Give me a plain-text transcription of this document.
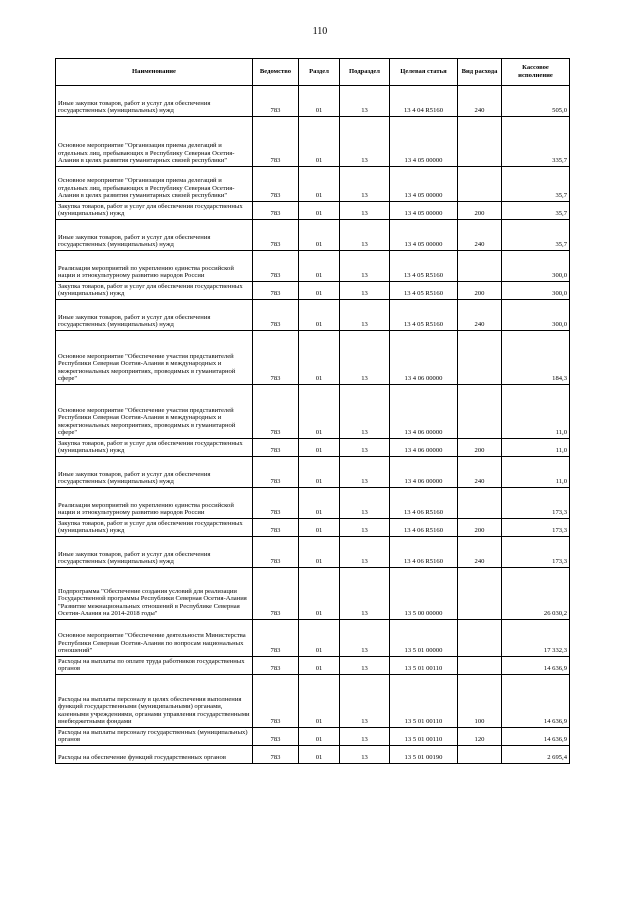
110
Наименование	Ведомство	Раздел	Подраздел	Целевая статья	Вид расхода	Кассовое исполнение
Иные закупки товаров, работ и услуг для обеспечения государственных (муниципальных) нужд	783	01	13	13 4 04 R5160	240	505,0
Основное мероприятие "Организация приема делегаций и отдельных лиц, пребывающих в Республику Северная Осетия-Алания в целях развития гуманитарных связей республики"	783	01	13	13 4 05 00000		335,7
Основное мероприятие "Организация приема делегаций и отдельных лиц, пребывающих в Республику Северная Осетия-Алания в целях развития гуманитарных связей республики"	783	01	13	13 4 05 00000		35,7
Закупка товаров, работ и услуг для обеспечения государственных (муниципальных) нужд	783	01	13	13 4 05 00000	200	35,7
Иные закупки товаров, работ и услуг для обеспечения государственных (муниципальных) нужд	783	01	13	13 4 05 00000	240	35,7
Реализация мероприятий по укреплению единства российской нации и этнокультурному развитию народов России	783	01	13	13 4 05 R5160		300,0
Закупка товаров, работ и услуг для обеспечения государственных (муниципальных) нужд	783	01	13	13 4 05 R5160	200	300,0
Иные закупки товаров, работ и услуг для обеспечения государственных (муниципальных) нужд	783	01	13	13 4 05 R5160	240	300,0
Основное мероприятие "Обеспечение участия представителей Республики Северная Осетия-Алания в международных и межрегиональных мероприятиях, проводимых в гуманитарной сфере"	783	01	13	13 4 06 00000		184,3
Основное мероприятие "Обеспечение участия представителей Республики Северная Осетия-Алания в международных и межрегиональных мероприятиях, проводимых в гуманитарной сфере"	783	01	13	13 4 06 00000		11,0
Закупка товаров, работ и услуг для обеспечения государственных (муниципальных) нужд	783	01	13	13 4 06 00000	200	11,0
Иные закупки товаров, работ и услуг для обеспечения государственных (муниципальных) нужд	783	01	13	13 4 06 00000	240	11,0
Реализация мероприятий по укреплению единства российской нации и этнокультурному развитию народов России	783	01	13	13 4 06 R5160		173,3
Закупка товаров, работ и услуг для обеспечения государственных (муниципальных) нужд	783	01	13	13 4 06 R5160	200	173,3
Иные закупки товаров, работ и услуг для обеспечения государственных (муниципальных) нужд	783	01	13	13 4 06 R5160	240	173,3
Подпрограмма "Обеспечение создания условий для реализации Государственной программы Республики Северная Осетия-Алания "Развитие межнациональных отношений в Республике Северная Осетия-Алания на 2014-2018 годы"	783	01	13	13 5 00 00000		26 030,2
Основное мероприятие "Обеспечение деятельности Министерства Республики Северная Осетия-Алания по вопросам национальных отношений"	783	01	13	13 5 01 00000		17 332,3
Расходы на выплаты по оплате труда работников государственных органов	783	01	13	13 5 01 00110		14 636,9
Расходы на выплаты персоналу в целях обеспечения выполнения функций государственными (муниципальными) органами, казенными учреждениями, органами управления государственными внебюджетными фондами	783	01	13	13 5 01 00110	100	14 636,9
Расходы на выплаты персоналу государственных (муниципальных) органов	783	01	13	13 5 01 00110	120	14 636,9
Расходы на обеспечение функций государственных органов	783	01	13	13 5 01 00190		2 695,4
